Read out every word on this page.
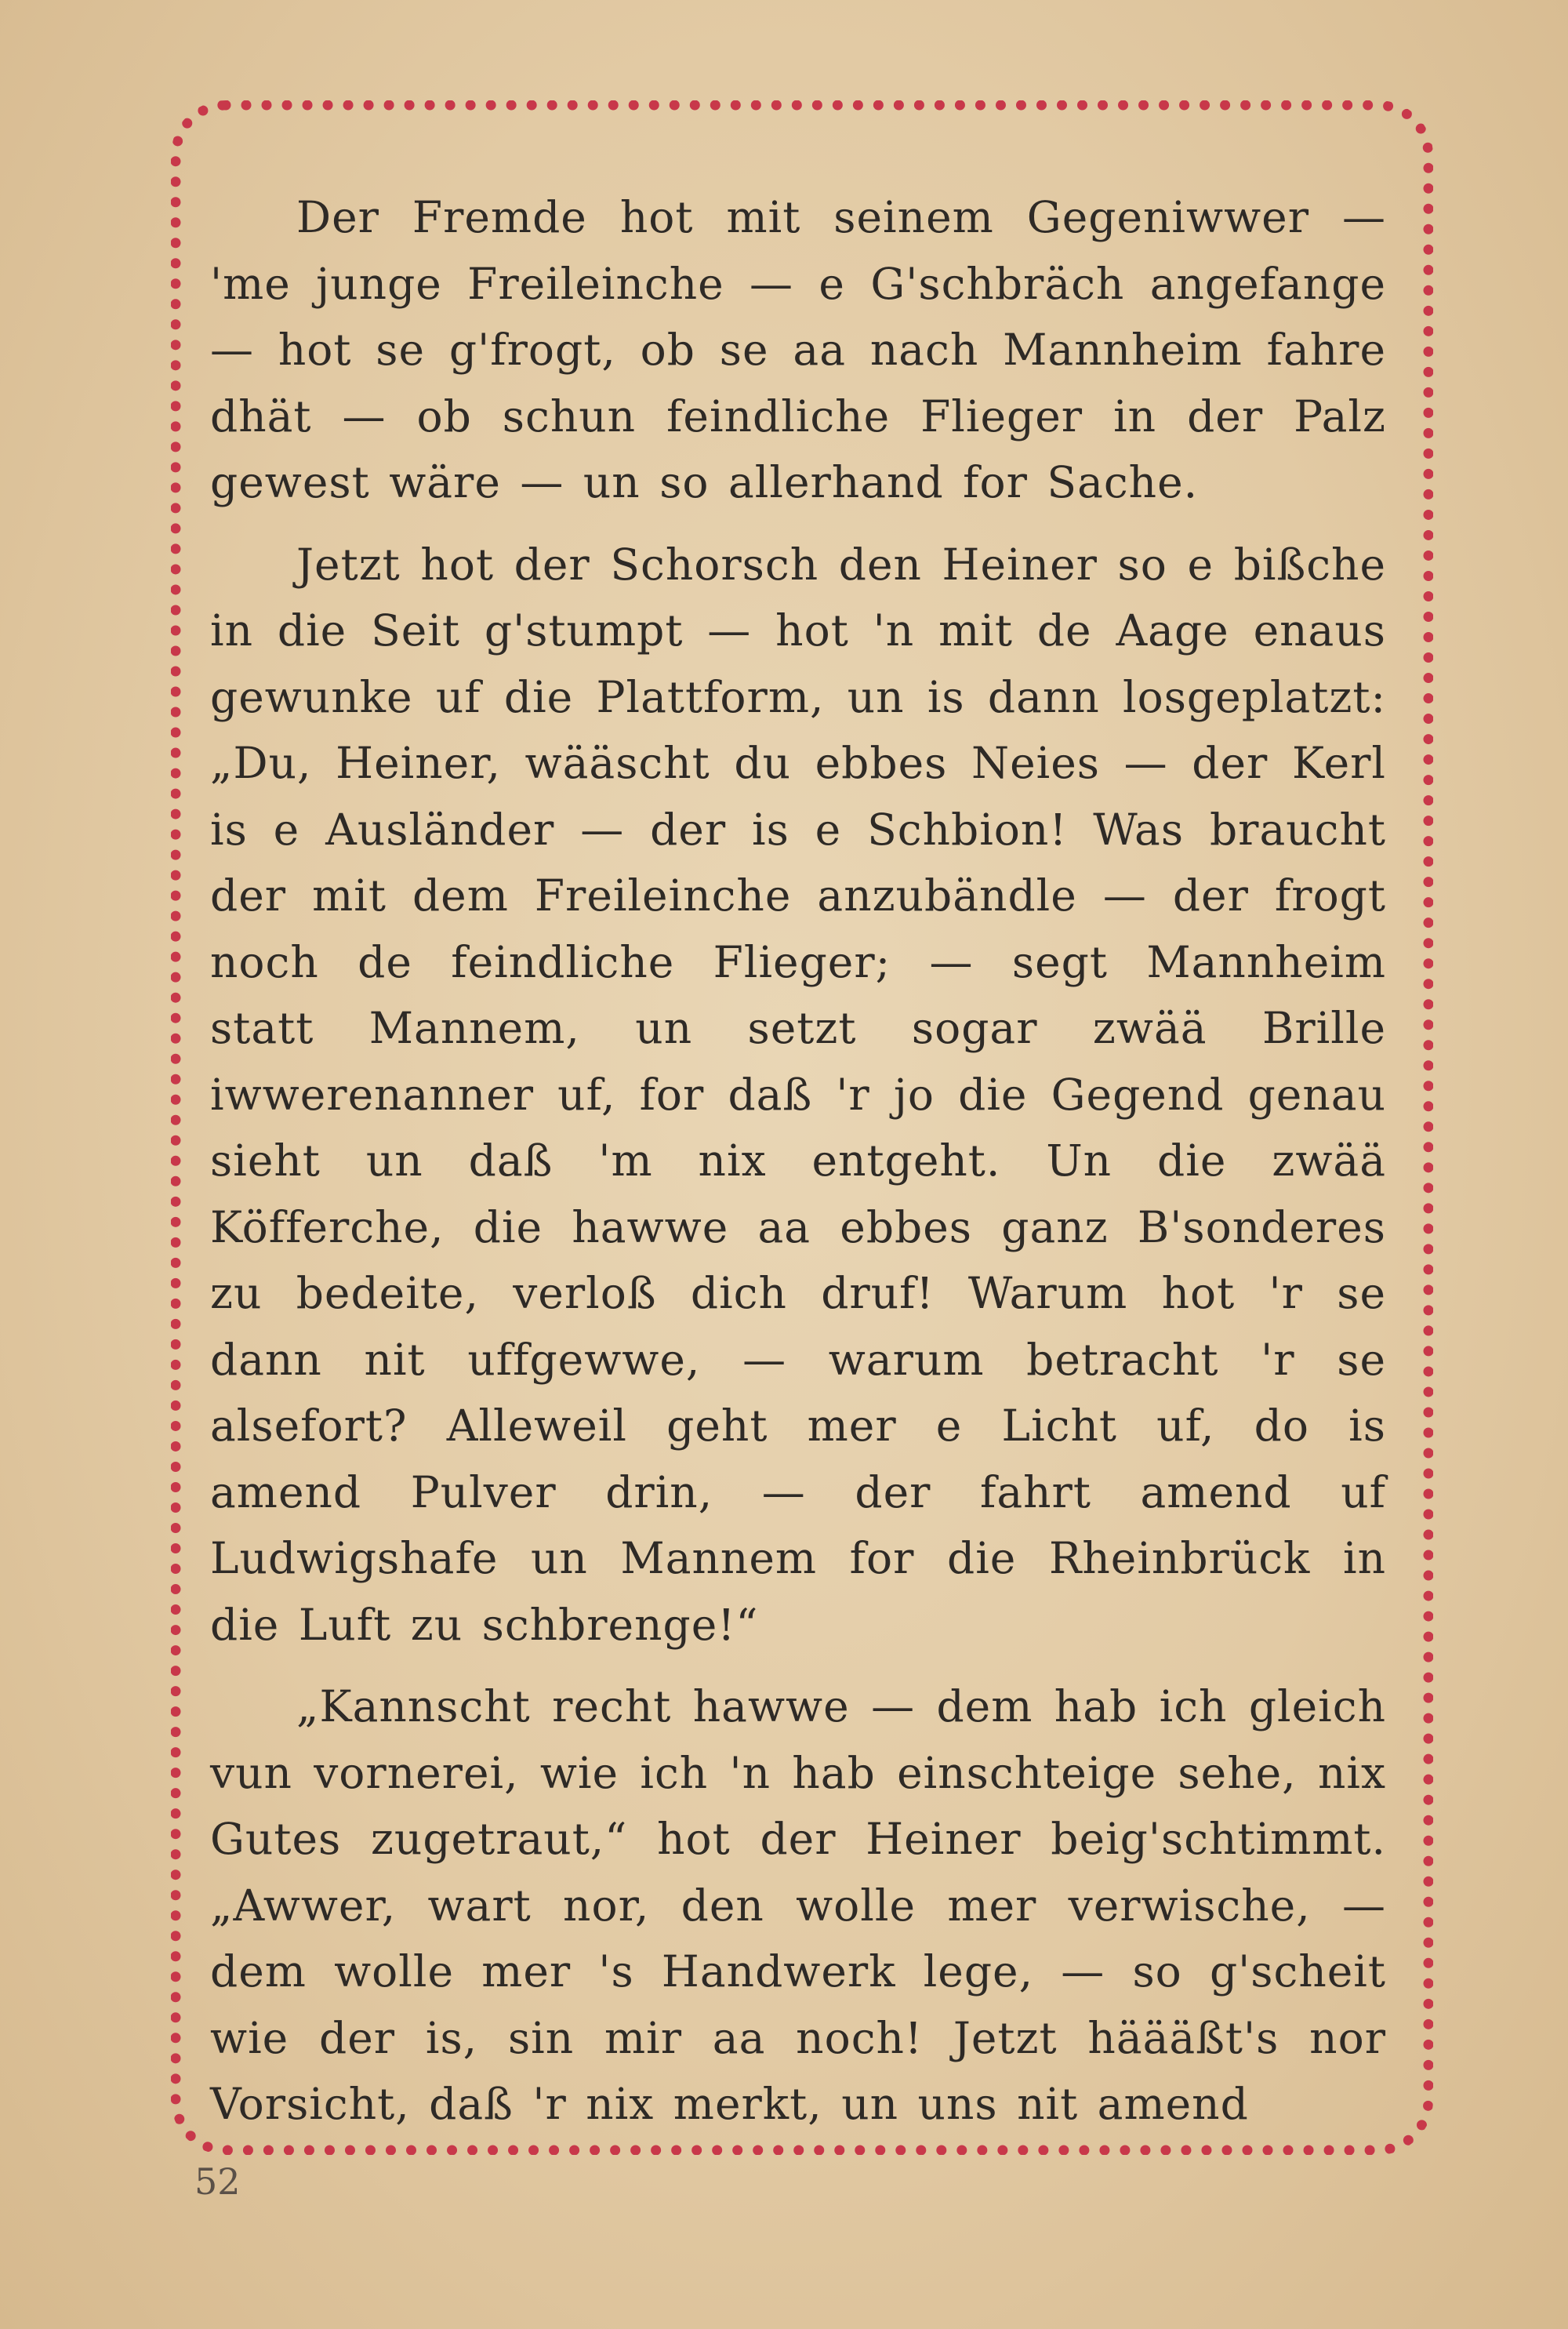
Der Fremde hot mit seinem Gegeniwwer — 'me junge Freileinche — e G'schbräch angefange — hot se g'frogt, ob se aa nach Mannheim fahre dhät — ob schun feindliche Flieger in der Palz gewest wäre — un so allerhand for Sache.

Jetzt hot der Schorsch den Heiner so e bißche in die Seit g'stumpt — hot 'n mit de Aage enaus gewunke uf die Plattform, un is dann losgeplatzt: „Du, Heiner, wääscht du ebbes Neies — der Kerl is e Ausländer — der is e Schbion! Was braucht der mit dem Freileinche anzubändle — der frogt noch de feindliche Flieger; — segt Mannheim statt Mannem, un setzt sogar zwää Brille iwwerenanner uf, for daß 'r jo die Gegend genau sieht un daß 'm nix entgeht. Un die zwää Köfferche, die hawwe aa ebbes ganz B'sonderes zu bedeite, verloß dich druf! Warum hot 'r se dann nit uffgewwe, — warum betracht 'r se alsefort? Alleweil geht mer e Licht uf, do is amend Pulver drin, — der fahrt amend uf Ludwigshafe un Mannem for die Rheinbrück in die Luft zu schbrenge!“

„Kannscht recht hawwe — dem hab ich gleich vun vornerei, wie ich 'n hab einschteige sehe, nix Gutes zugetraut,“ hot der Heiner beig'schtimmt. „Awwer, wart nor, den wolle mer verwische, — dem wolle mer 's Handwerk lege, — so g'scheit wie der is, sin mir aa noch! Jetzt häääßt's nor Vorsicht, daß 'r nix merkt, un uns nit amend

52
